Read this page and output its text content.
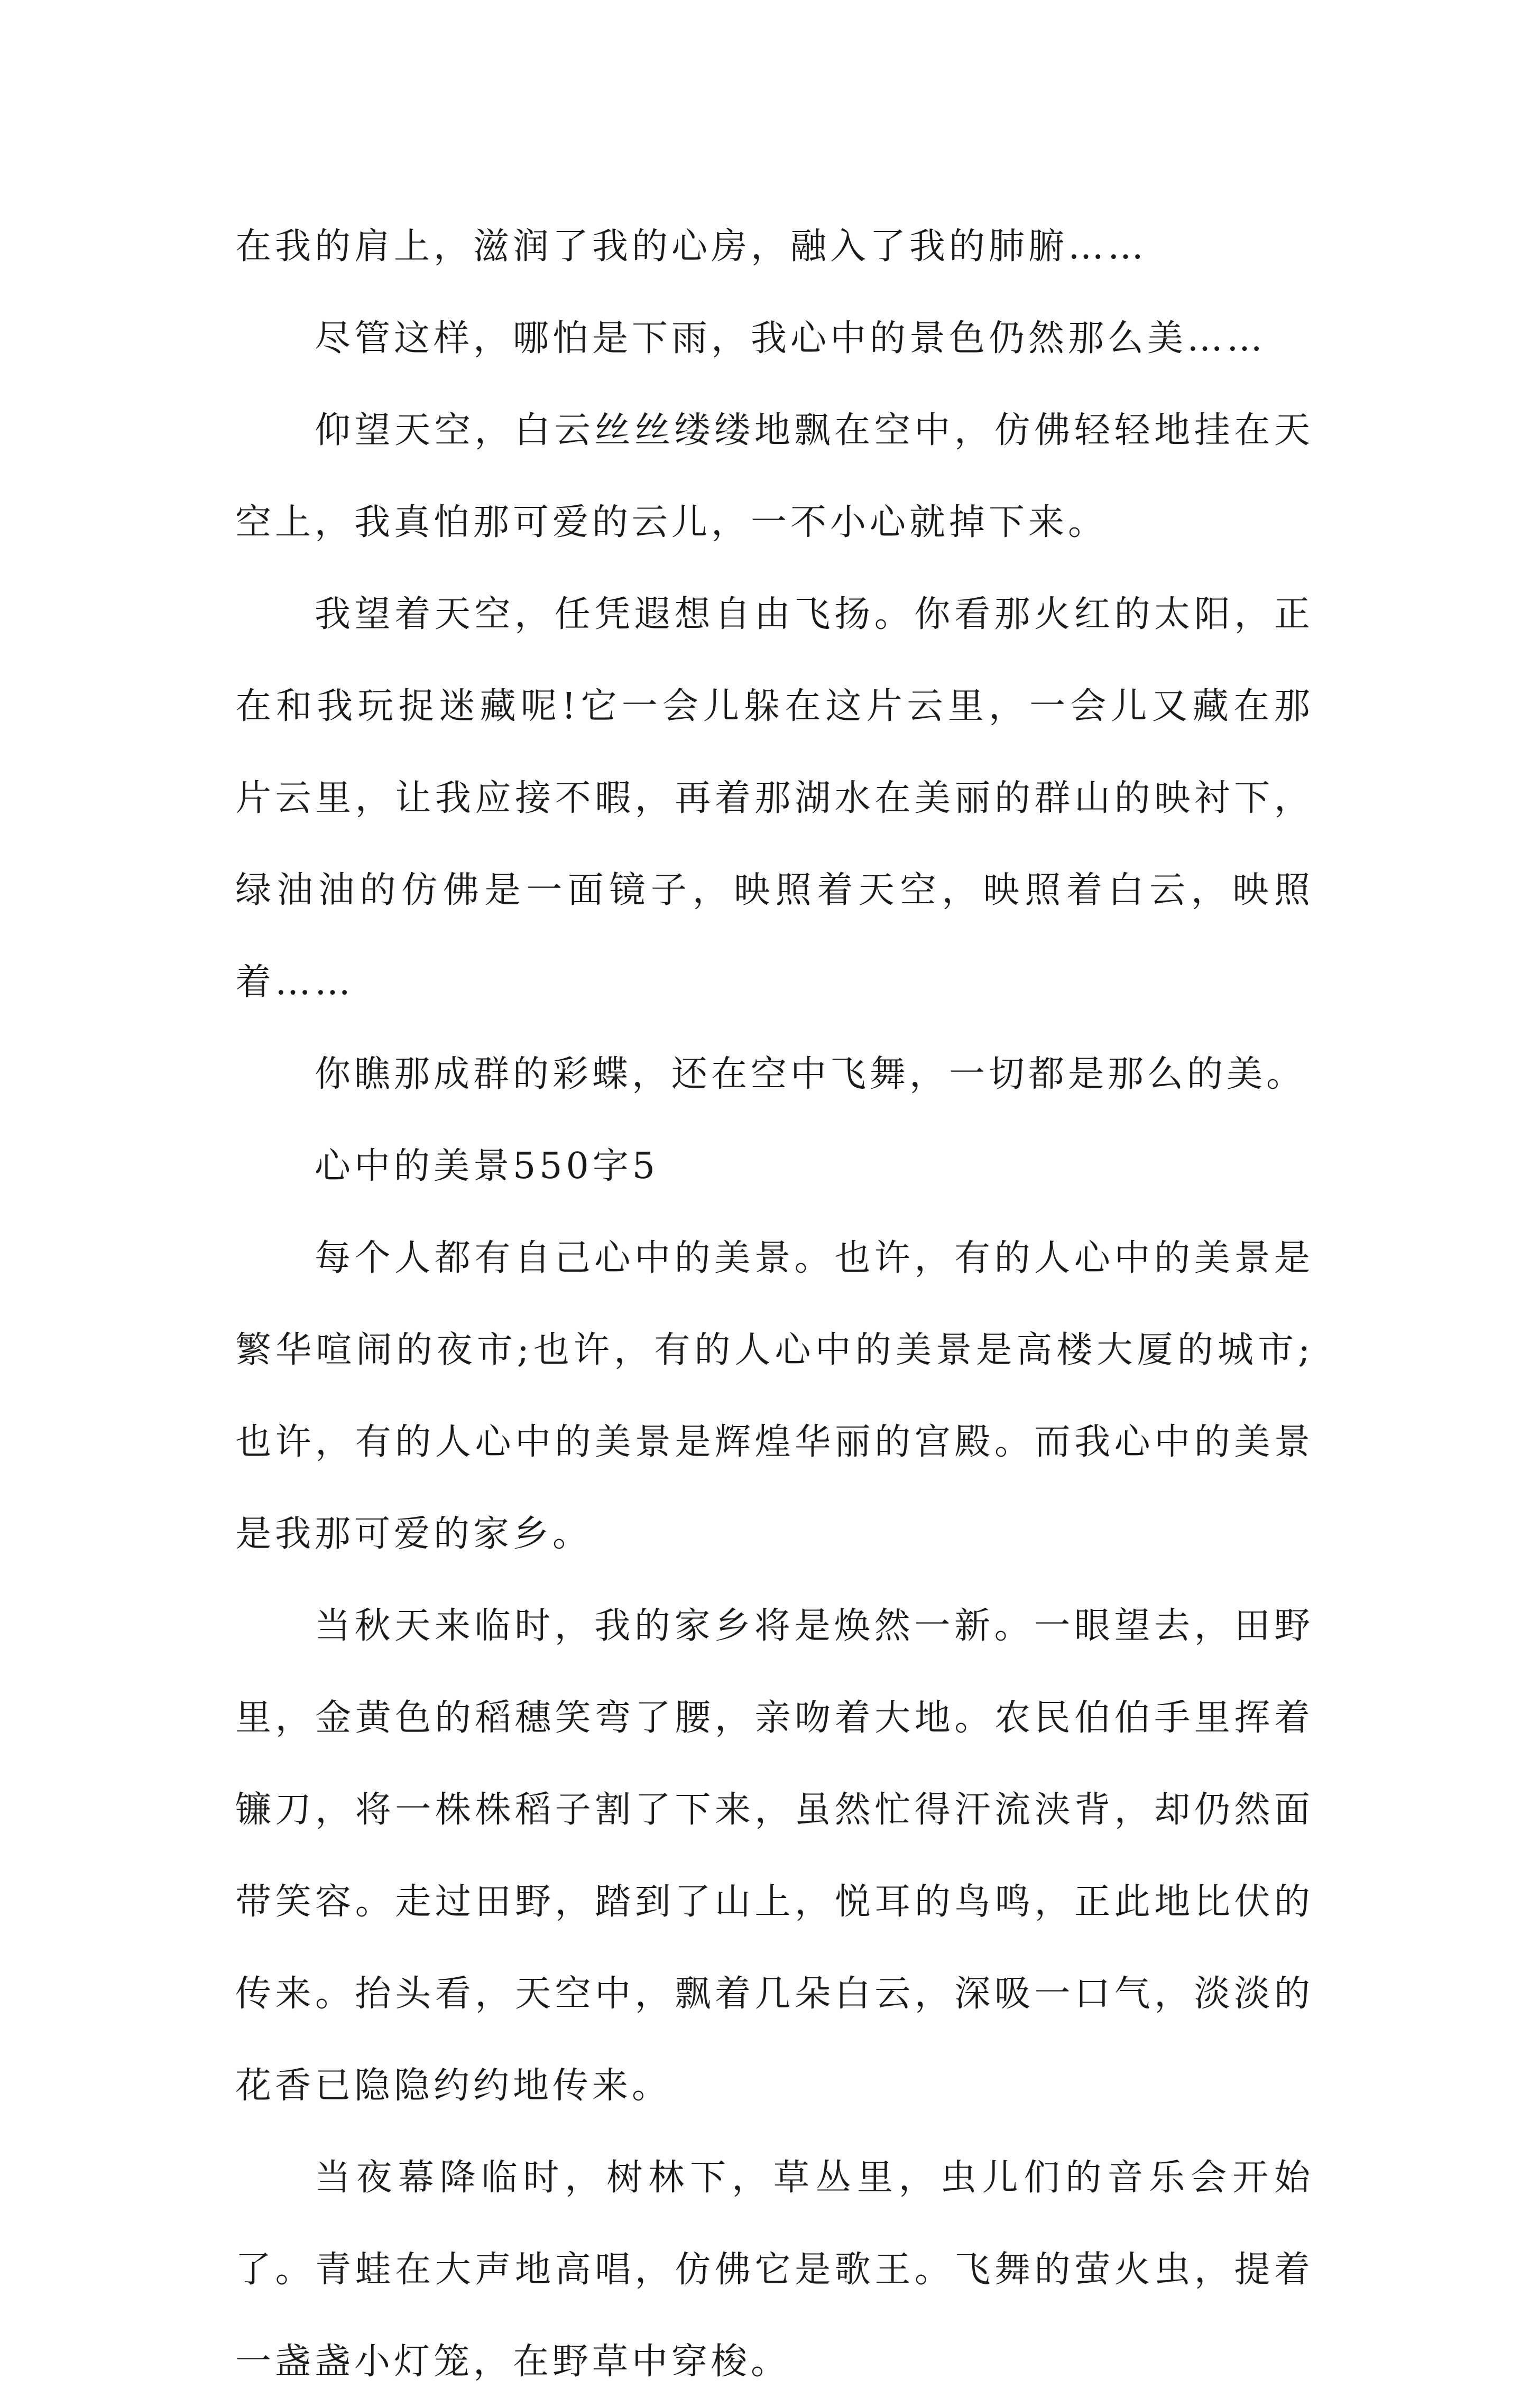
在我的肩上，滋润了我的心房，融入了我的肺腑……

尽管这样，哪怕是下雨，我心中的景色仍然那么美……

仰望天空，白云丝丝缕缕地飘在空中，仿佛轻轻地挂在天空上，我真怕那可爱的云儿，一不小心就掉下来。

我望着天空，任凭遐想自由飞扬。你看那火红的太阳，正在和我玩捉迷藏呢!它一会儿躲在这片云里，一会儿又藏在那片云里，让我应接不暇，再着那湖水在美丽的群山的映衬下，绿油油的仿佛是一面镜子，映照着天空，映照着白云，映照着……

你瞧那成群的彩蝶，还在空中飞舞，一切都是那么的美。

心中的美景550字5

每个人都有自己心中的美景。也许，有的人心中的美景是繁华喧闹的夜市;也许，有的人心中的美景是高楼大厦的城市;也许，有的人心中的美景是辉煌华丽的宫殿。而我心中的美景是我那可爱的家乡。

当秋天来临时，我的家乡将是焕然一新。一眼望去，田野里，金黄色的稻穗笑弯了腰，亲吻着大地。农民伯伯手里挥着镰刀，将一株株稻子割了下来，虽然忙得汗流浃背，却仍然面带笑容。走过田野，踏到了山上，悦耳的鸟鸣，正此地比伏的传来。抬头看，天空中，飘着几朵白云，深吸一口气，淡淡的花香已隐隐约约地传来。

当夜幕降临时，树林下，草丛里，虫儿们的音乐会开始了。青蛙在大声地高唱，仿佛它是歌王。飞舞的萤火虫，提着一盏盏小灯笼，在野草中穿梭。
